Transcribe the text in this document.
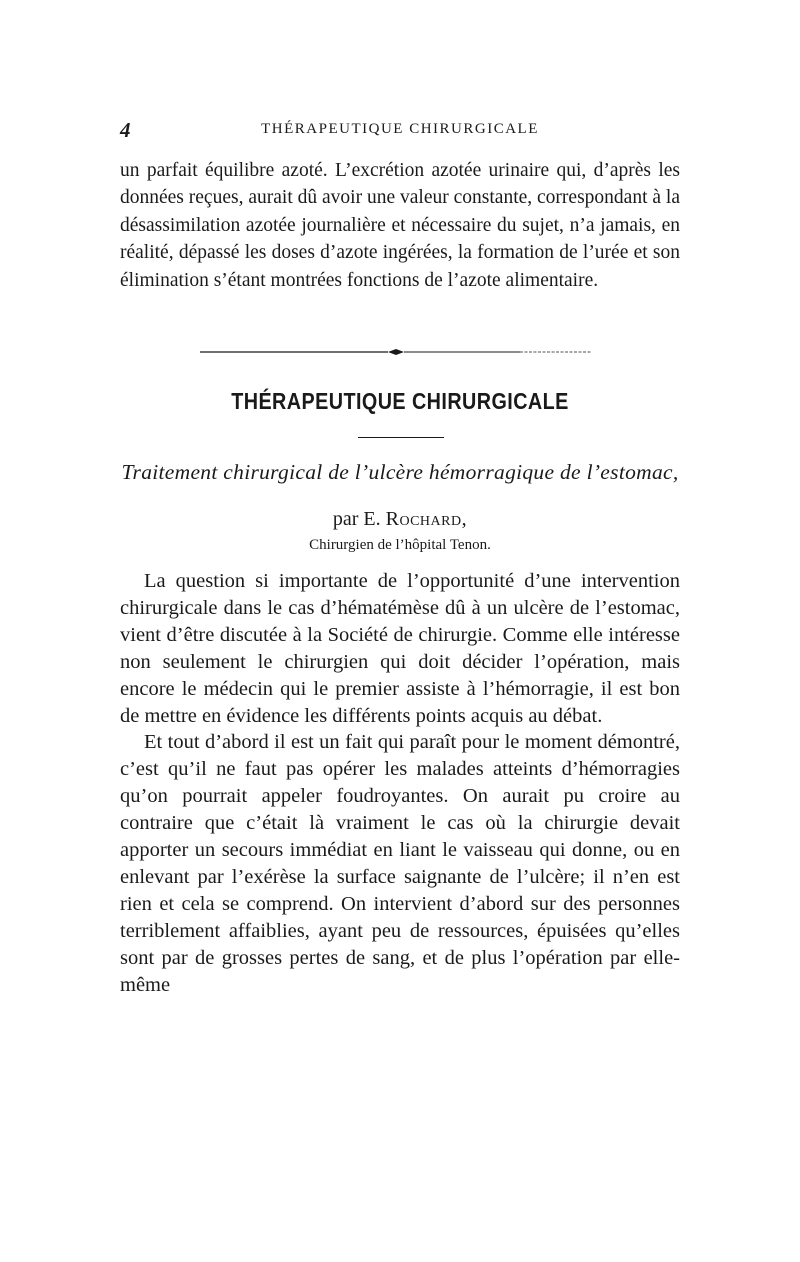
4	THÉRAPEUTIQUE CHIRURGICALE
un parfait équilibre azoté. L’excrétion azotée urinaire qui, d’après les données reçues, aurait dû avoir une valeur constante, correspondant à la désassimilation azotée journalière et nécessaire du sujet, n’a jamais, en réalité, dépassé les doses d’azote ingérées, la formation de l’urée et son élimination s’étant montrées fonctions de l’azote alimentaire.
THÉRAPEUTIQUE CHIRURGICALE
Traitement chirurgical de l’ulcère hémorragique de l’estomac,
par E. Rochard,
Chirurgien de l’hôpital Tenon.

La question si importante de l’opportunité d’une intervention chirurgicale dans le cas d’hématémèse dû à un ulcère de l’estomac, vient d’être discutée à la Société de chirurgie. Comme elle intéresse non seulement le chirurgien qui doit décider l’opération, mais encore le médecin qui le premier assiste à l’hémorragie, il est bon de mettre en évidence les différents points acquis au débat.

Et tout d’abord il est un fait qui paraît pour le moment démontré, c’est qu’il ne faut pas opérer les malades atteints d’hémorragies qu’on pourrait appeler foudroyantes. On aurait pu croire au contraire que c’était là vraiment le cas où la chirurgie devait apporter un secours immédiat en liant le vaisseau qui donne, ou en enlevant par l’exérèse la surface saignante de l’ulcère; il n’en est rien et cela se comprend. On intervient d’abord sur des personnes terriblement affaiblies, ayant peu de ressources, épuisées qu’elles sont par de grosses pertes de sang, et de plus l’opération par elle-même
